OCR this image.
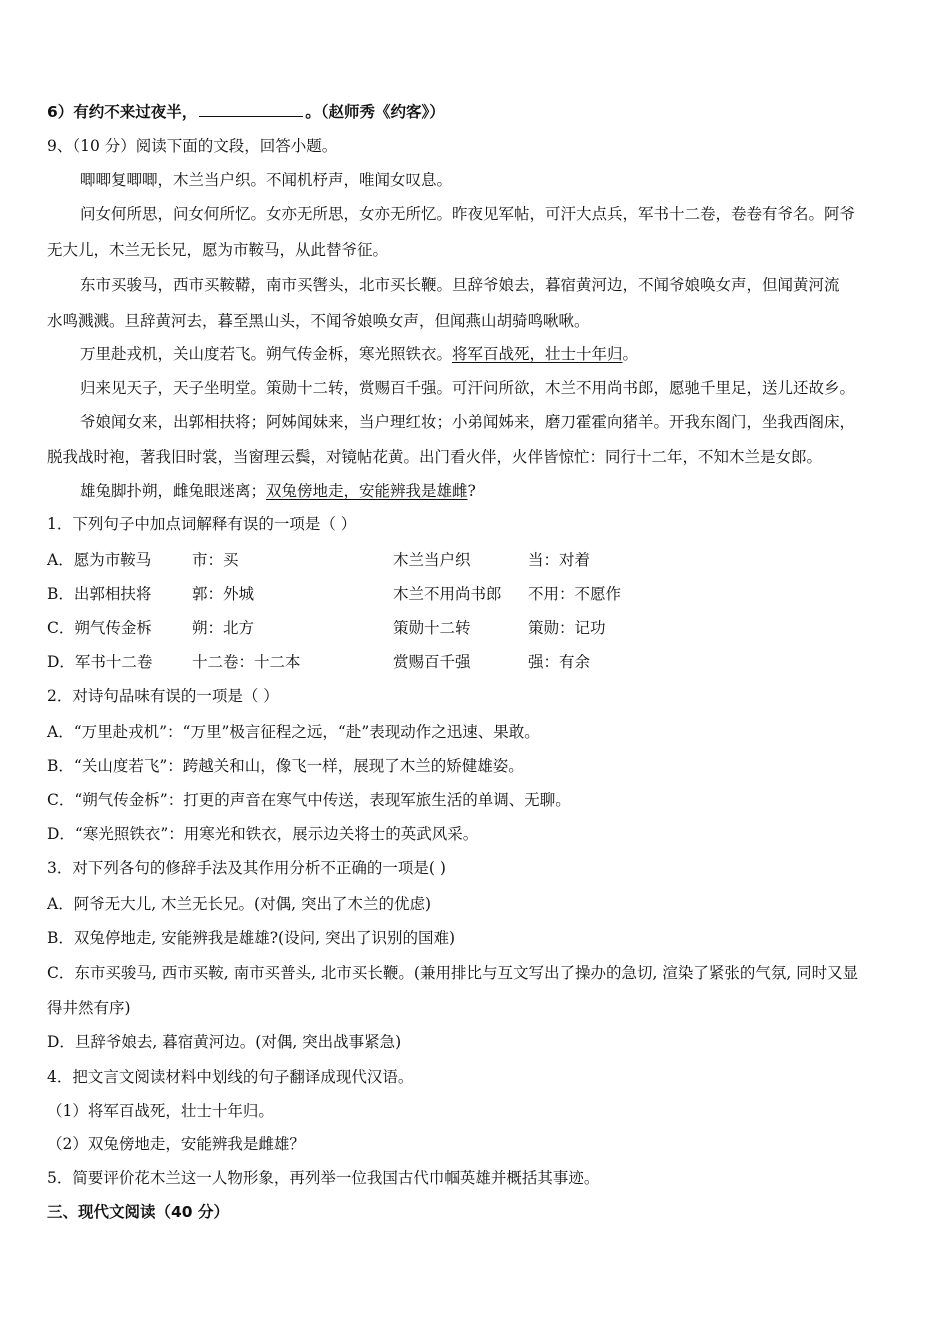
6）有约不来过夜半，	。（赵师秀《约客》）
9、（10 分）阅读下面的文段，回答小题。
唧唧复唧唧，木兰当户织。不闻机杼声，唯闻女叹息。
问女何所思，问女何所忆。女亦无所思，女亦无所忆。昨夜见军帖，可汗大点兵，军书十二卷，卷卷有爷名。阿爷
无大儿，木兰无长兄，愿为市鞍马，从此替爷征。
东市买骏马，西市买鞍鞯，南市买辔头，北市买长鞭。旦辞爷娘去，暮宿黄河边，不闻爷娘唤女声，但闻黄河流
水鸣溅溅。旦辞黄河去，暮至黑山头，不闻爷娘唤女声，但闻燕山胡骑鸣啾啾。
万里赴戎机，关山度若飞。朔气传金柝，寒光照铁衣。将军百战死，壮士十年归。
归来见天子，天子坐明堂。策勋十二转，赏赐百千强。可汗问所欲，木兰不用尚书郎，愿驰千里足，送儿还故乡。
爷娘闻女来，出郭相扶将；阿姊闻妹来，当户理红妆；小弟闻姊来，磨刀霍霍向猪羊。开我东阁门，坐我西阁床，
脱我战时袍，著我旧时裳，当窗理云鬓，对镜帖花黄。出门看火伴，火伴皆惊忙：同行十二年，不知木兰是女郎。
雄兔脚扑朔，雌兔眼迷离；双兔傍地走，安能辨我是雄雌?
1．下列句子中加点词解释有误的一项是（ ）
A．愿为市鞍马	市：买	木兰当户织	当：对着
B．出郭相扶将	郭：外城	木兰不用尚书郎 不用：不愿作
C．朔气传金柝	朔：北方	策勋十二转	策勋：记功
D．军书十二卷	十二卷：十二本	赏赐百千强	强：有余
2．对诗句品味有误的一项是（ ）
A．“万里赴戎机”：“万里”极言征程之远，“赴”表现动作之迅速、果敢。
B．“关山度若飞”：跨越关和山，像飞一样，展现了木兰的矫健雄姿。
C．“朔气传金柝”：打更的声音在寒气中传送，表现军旅生活的单调、无聊。
D．“寒光照铁衣”：用寒光和铁衣，展示边关将士的英武风采。
3．对下列各句的修辞手法及其作用分析不正确的一项是( )
A．阿爷无大儿, 木兰无长兄。(对偶, 突出了木兰的优虑)
B．双兔停地走, 安能辨我是雄雄?(设问, 突出了识别的国难)
C．东市买骏马, 西市买鞍, 南市买普头, 北市买长鞭。(兼用排比与互文写出了操办的急切, 渲染了紧张的气氛, 同时又显
得井然有序)
D．旦辞爷娘去, 暮宿黄河边。(对偶, 突出战事紧急)
4．把文言文阅读材料中划线的句子翻译成现代汉语。
（1）将军百战死，壮士十年归。
（2）双兔傍地走，安能辨我是雌雄？
5．简要评价花木兰这一人物形象，再列举一位我国古代巾帼英雄并概括其事迹。
三、现代文阅读（40 分）
